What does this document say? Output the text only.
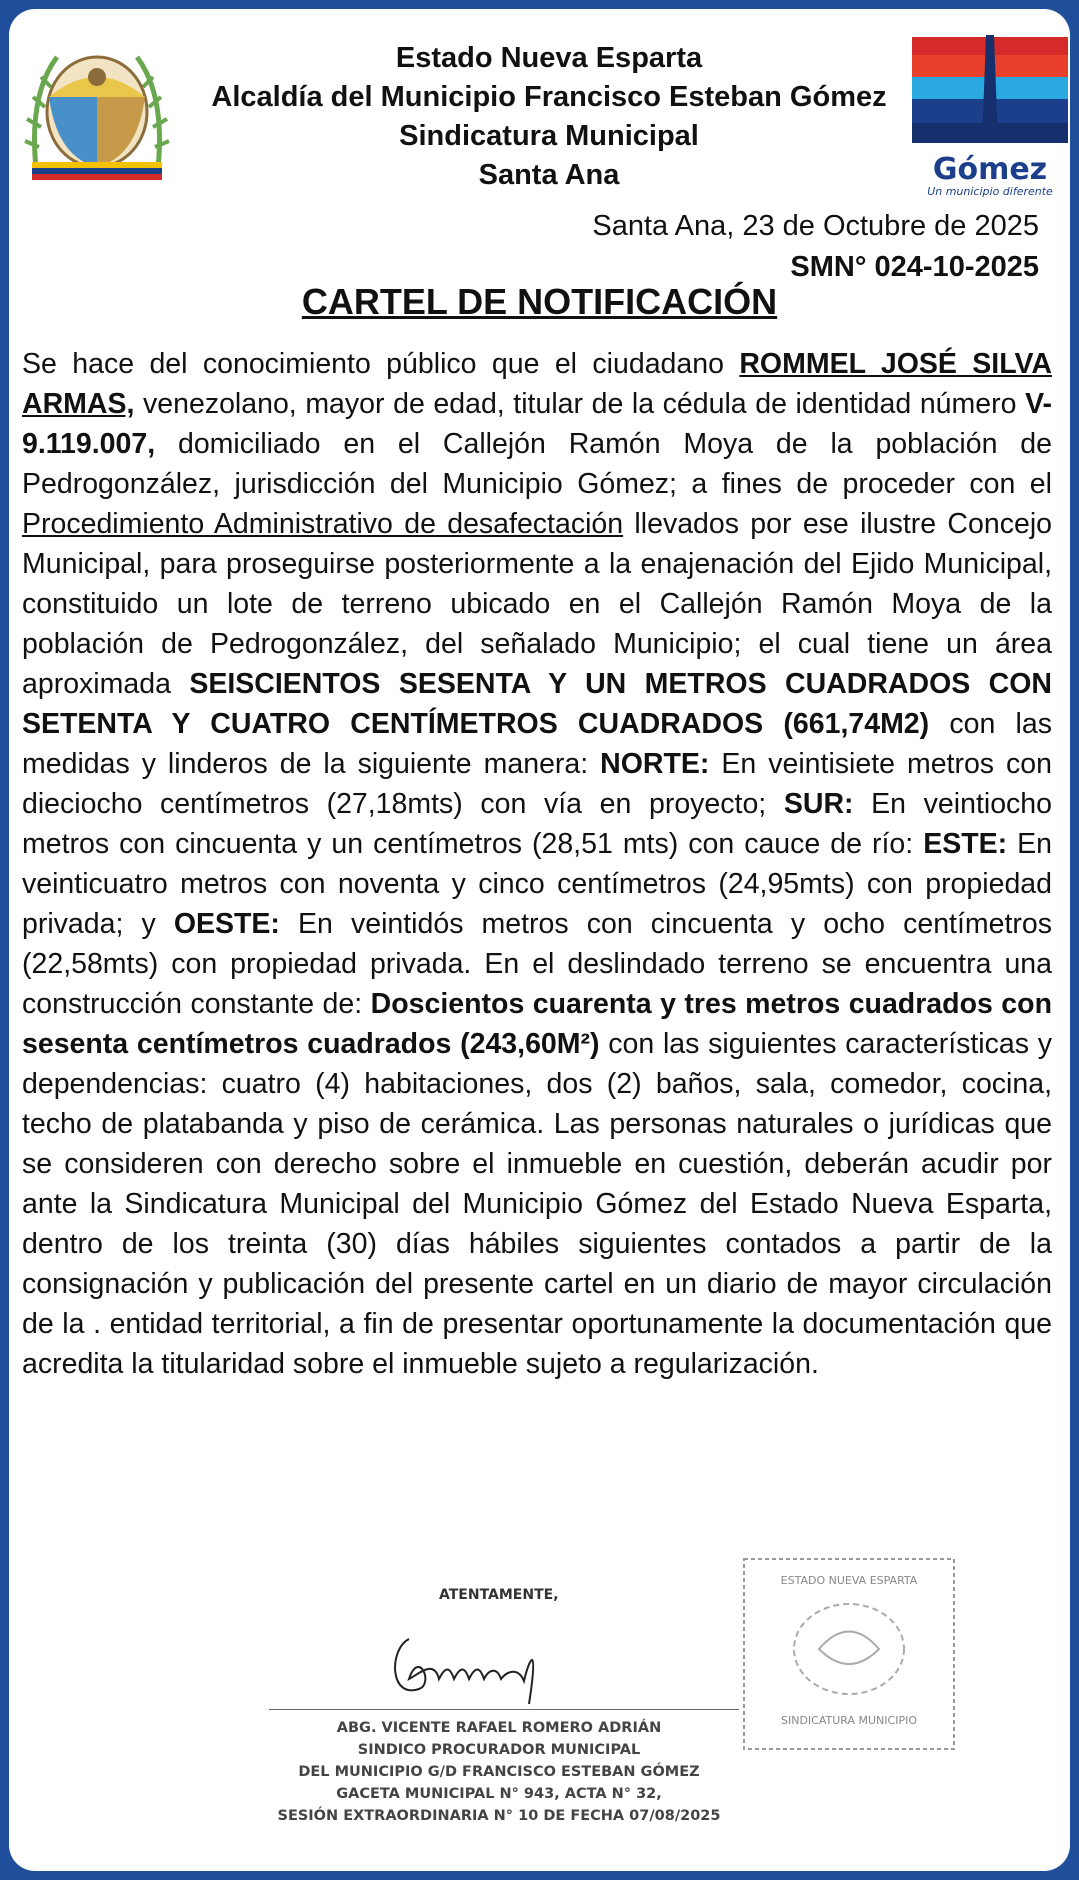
Estado Nueva Esparta
Alcaldía del Municipio Francisco Esteban Gómez
Sindicatura Municipal
Santa Ana	Gómez
Un municipio diferente
Santa Ana, 23 de Octubre de 2025
SMN° 024-10-2025
CARTEL DE NOTIFICACIÓN
Se hace del conocimiento público que el ciudadano ROMMEL JOSÉ SILVA ARMAS, venezolano, mayor de edad, titular de la cédula de identidad número V-9.119.007, domiciliado en el Callejón Ramón Moya de la población de Pedrogonzález, jurisdicción del Municipio Gómez; a fines de proceder con el Procedimiento Administrativo de desafectación llevados por ese ilustre Concejo Municipal, para proseguirse posteriormente a la enajenación del Ejido Municipal, constituido un lote de terreno ubicado en el Callejón Ramón Moya de la población de Pedrogonzález, del señalado Municipio; el cual tiene un área aproximada SEISCIENTOS SESENTA Y UN METROS CUADRADOS CON SETENTA Y CUATRO CENTÍMETROS CUADRADOS (661,74M2) con las medidas y linderos de la siguiente manera: NORTE: En veintisiete metros con dieciocho centímetros (27,18mts) con vía en proyecto; SUR: En veintiocho metros con cincuenta y un centímetros (28,51 mts) con cauce de río: ESTE: En veinticuatro metros con noventa y cinco centímetros (24,95mts) con propiedad privada; y OESTE: En veintidós metros con cincuenta y ocho centímetros (22,58mts) con propiedad privada. En el deslindado terreno se encuentra una construcción constante de: Doscientos cuarenta y tres metros cuadrados con sesenta centímetros cuadrados (243,60M²) con las siguientes características y dependencias: cuatro (4) habitaciones, dos (2) baños, sala, comedor, cocina, techo de platabanda y piso de cerámica. Las personas naturales o jurídicas que se consideren con derecho sobre el inmueble en cuestión, deberán acudir por ante la Sindicatura Municipal del Municipio Gómez del Estado Nueva Esparta, dentro de los treinta (30) días hábiles siguientes contados a partir de la consignación y publicación del presente cartel en un diario de mayor circulación de la . entidad territorial, a fin de presentar oportunamente la documentación que acredita la titularidad sobre el inmueble sujeto a regularización.
ATENTAMENTE,
ABG. VICENTE RAFAEL ROMERO ADRIÁN
SINDICO PROCURADOR MUNICIPAL
DEL MUNICIPIO G/D FRANCISCO ESTEBAN GÓMEZ
GACETA MUNICIPAL N° 943, ACTA N° 32,
SESIÓN EXTRAORDINARIA N° 10 DE FECHA 07/08/2025
ESTADO NUEVA ESPARTA
SINDICATURA MUNICIPIO
